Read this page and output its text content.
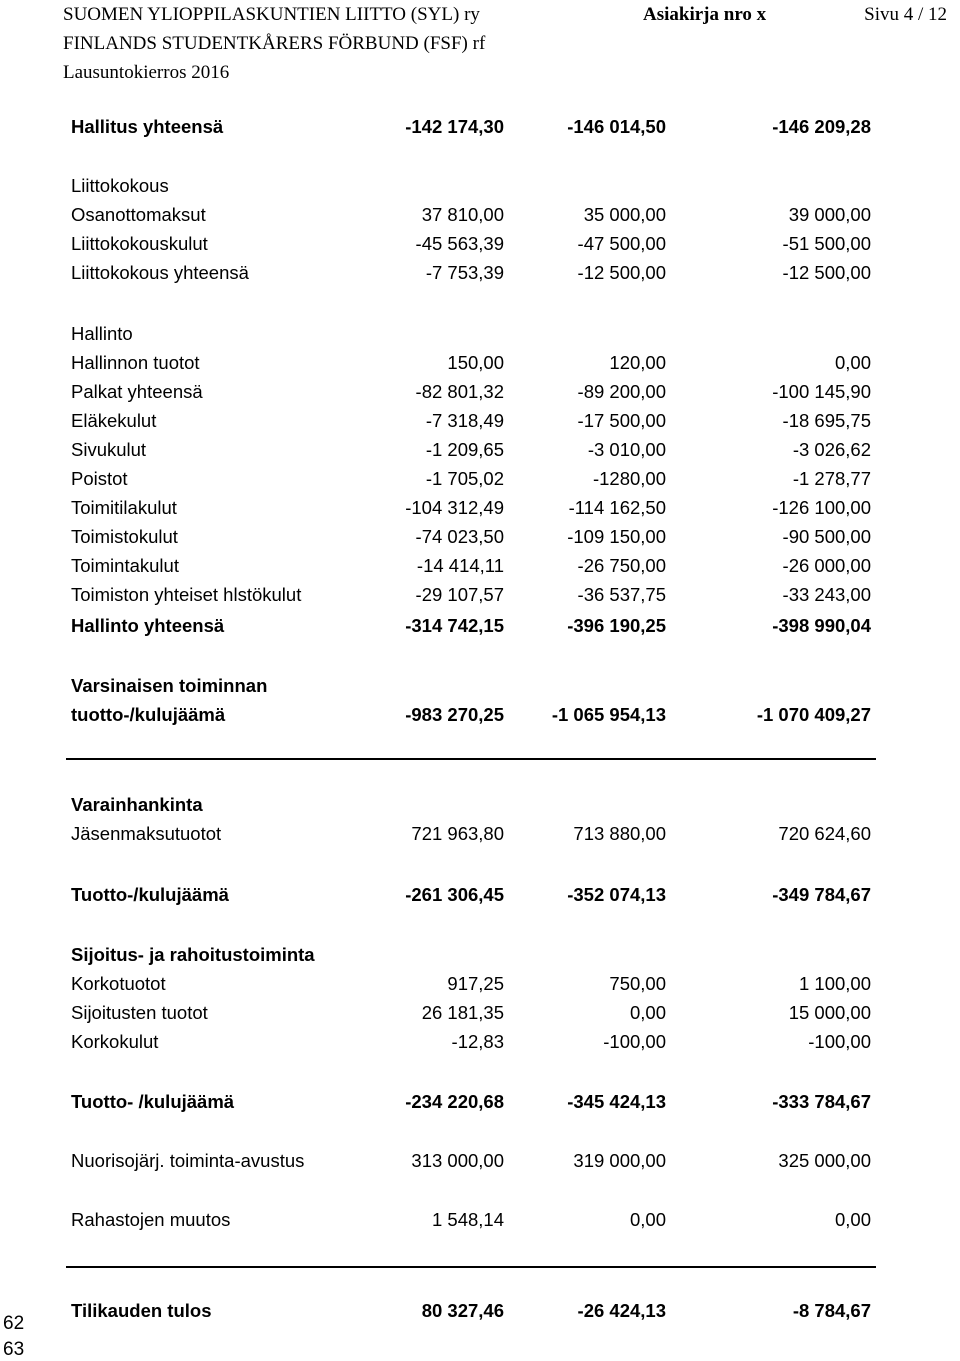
SUOMEN YLIOPPILASKUNTIEN LIITTO (SYL) ry	Asiakirja nro x	Sivu 4 / 12
FINLANDS STUDENTKÅRERS FÖRBUND (FSF) rf
Lausuntokierros 2016
Hallitus yhteensä	-142 174,30	-146 014,50	-146 209,28
Liittokokous
Osanottomaksut	37 810,00	35 000,00	39 000,00
Liittokokouskulut	-45 563,39	-47 500,00	-51 500,00
Liittokokous yhteensä	-7 753,39	-12 500,00	-12 500,00
Hallinto
Hallinnon tuotot	150,00	120,00	0,00
Palkat yhteensä	-82 801,32	-89 200,00	-100 145,90
Eläkekulut	-7 318,49	-17 500,00	-18 695,75
Sivukulut	-1 209,65	-3 010,00	-3 026,62
Poistot	-1 705,02	-1280,00	-1 278,77
Toimitilakulut	-104 312,49	-114 162,50	-126 100,00
Toimistokulut	-74 023,50	-109 150,00	-90 500,00
Toimintakulut	-14 414,11	-26 750,00	-26 000,00
Toimiston yhteiset hlstökulut	-29 107,57	-36 537,75	-33 243,00
Hallinto yhteensä	-314 742,15	-396 190,25	-398 990,04
Varsinaisen toiminnan
tuotto-/kulujäämä	-983 270,25	-1 065 954,13	-1 070 409,27
Varainhankinta
Jäsenmaksutuotot	721 963,80	713 880,00	720 624,60
Tuotto-/kulujäämä	-261 306,45	-352 074,13	-349 784,67
Sijoitus- ja rahoitustoiminta
Korkotuotot	917,25	750,00	1 100,00
Sijoitusten tuotot	26 181,35	0,00	15 000,00
Korkokulut	-12,83	-100,00	-100,00
Tuotto- /kulujäämä	-234 220,68	-345 424,13	-333 784,67
Nuorisojärj. toiminta-avustus	313 000,00	319 000,00	325 000,00
Rahastojen muutos	1 548,14	0,00	0,00
Tilikauden tulos	80 327,46	-26 424,13	-8 784,67
62
63
